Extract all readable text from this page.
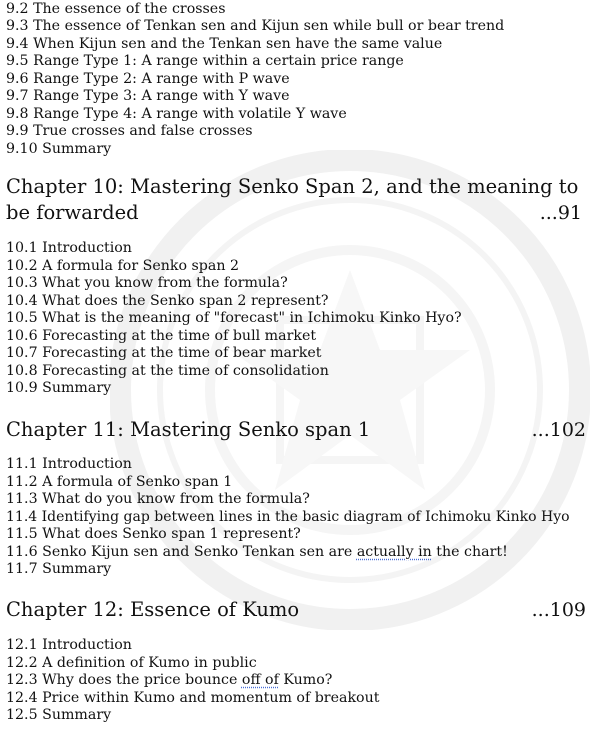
9.2 The essence of the crosses
9.3 The essence of Tenkan sen and Kijun sen while bull or bear trend
9.4 When Kijun sen and the Tenkan sen have the same value
9.5 Range Type 1: A range within a certain price range
9.6 Range Type 2: A range with P wave
9.7 Range Type 3: A range with Y wave
9.8 Range Type 4: A range with volatile Y wave
9.9 True crosses and false crosses
9.10 Summary
Chapter 10: Mastering Senko Span 2, and the meaning to
be forwarded	...91
10.1 Introduction
10.2 A formula for Senko span 2
10.3 What you know from the formula?
10.4 What does the Senko span 2 represent?
10.5 What is the meaning of "forecast" in Ichimoku Kinko Hyo?
10.6 Forecasting at the time of bull market
10.7 Forecasting at the time of bear market
10.8 Forecasting at the time of consolidation
10.9 Summary
Chapter 11: Mastering Senko span 1	...102
11.1 Introduction
11.2 A formula of Senko span 1
11.3 What do you know from the formula?
11.4 Identifying gap between lines in the basic diagram of Ichimoku Kinko Hyo
11.5 What does Senko span 1 represent?
11.6 Senko Kijun sen and Senko Tenkan sen are actually in the chart!
11.7 Summary
Chapter 12: Essence of Kumo	...109
12.1 Introduction
12.2 A definition of Kumo in public
12.3 Why does the price bounce off of Kumo?
12.4 Price within Kumo and momentum of breakout
12.5 Summary
